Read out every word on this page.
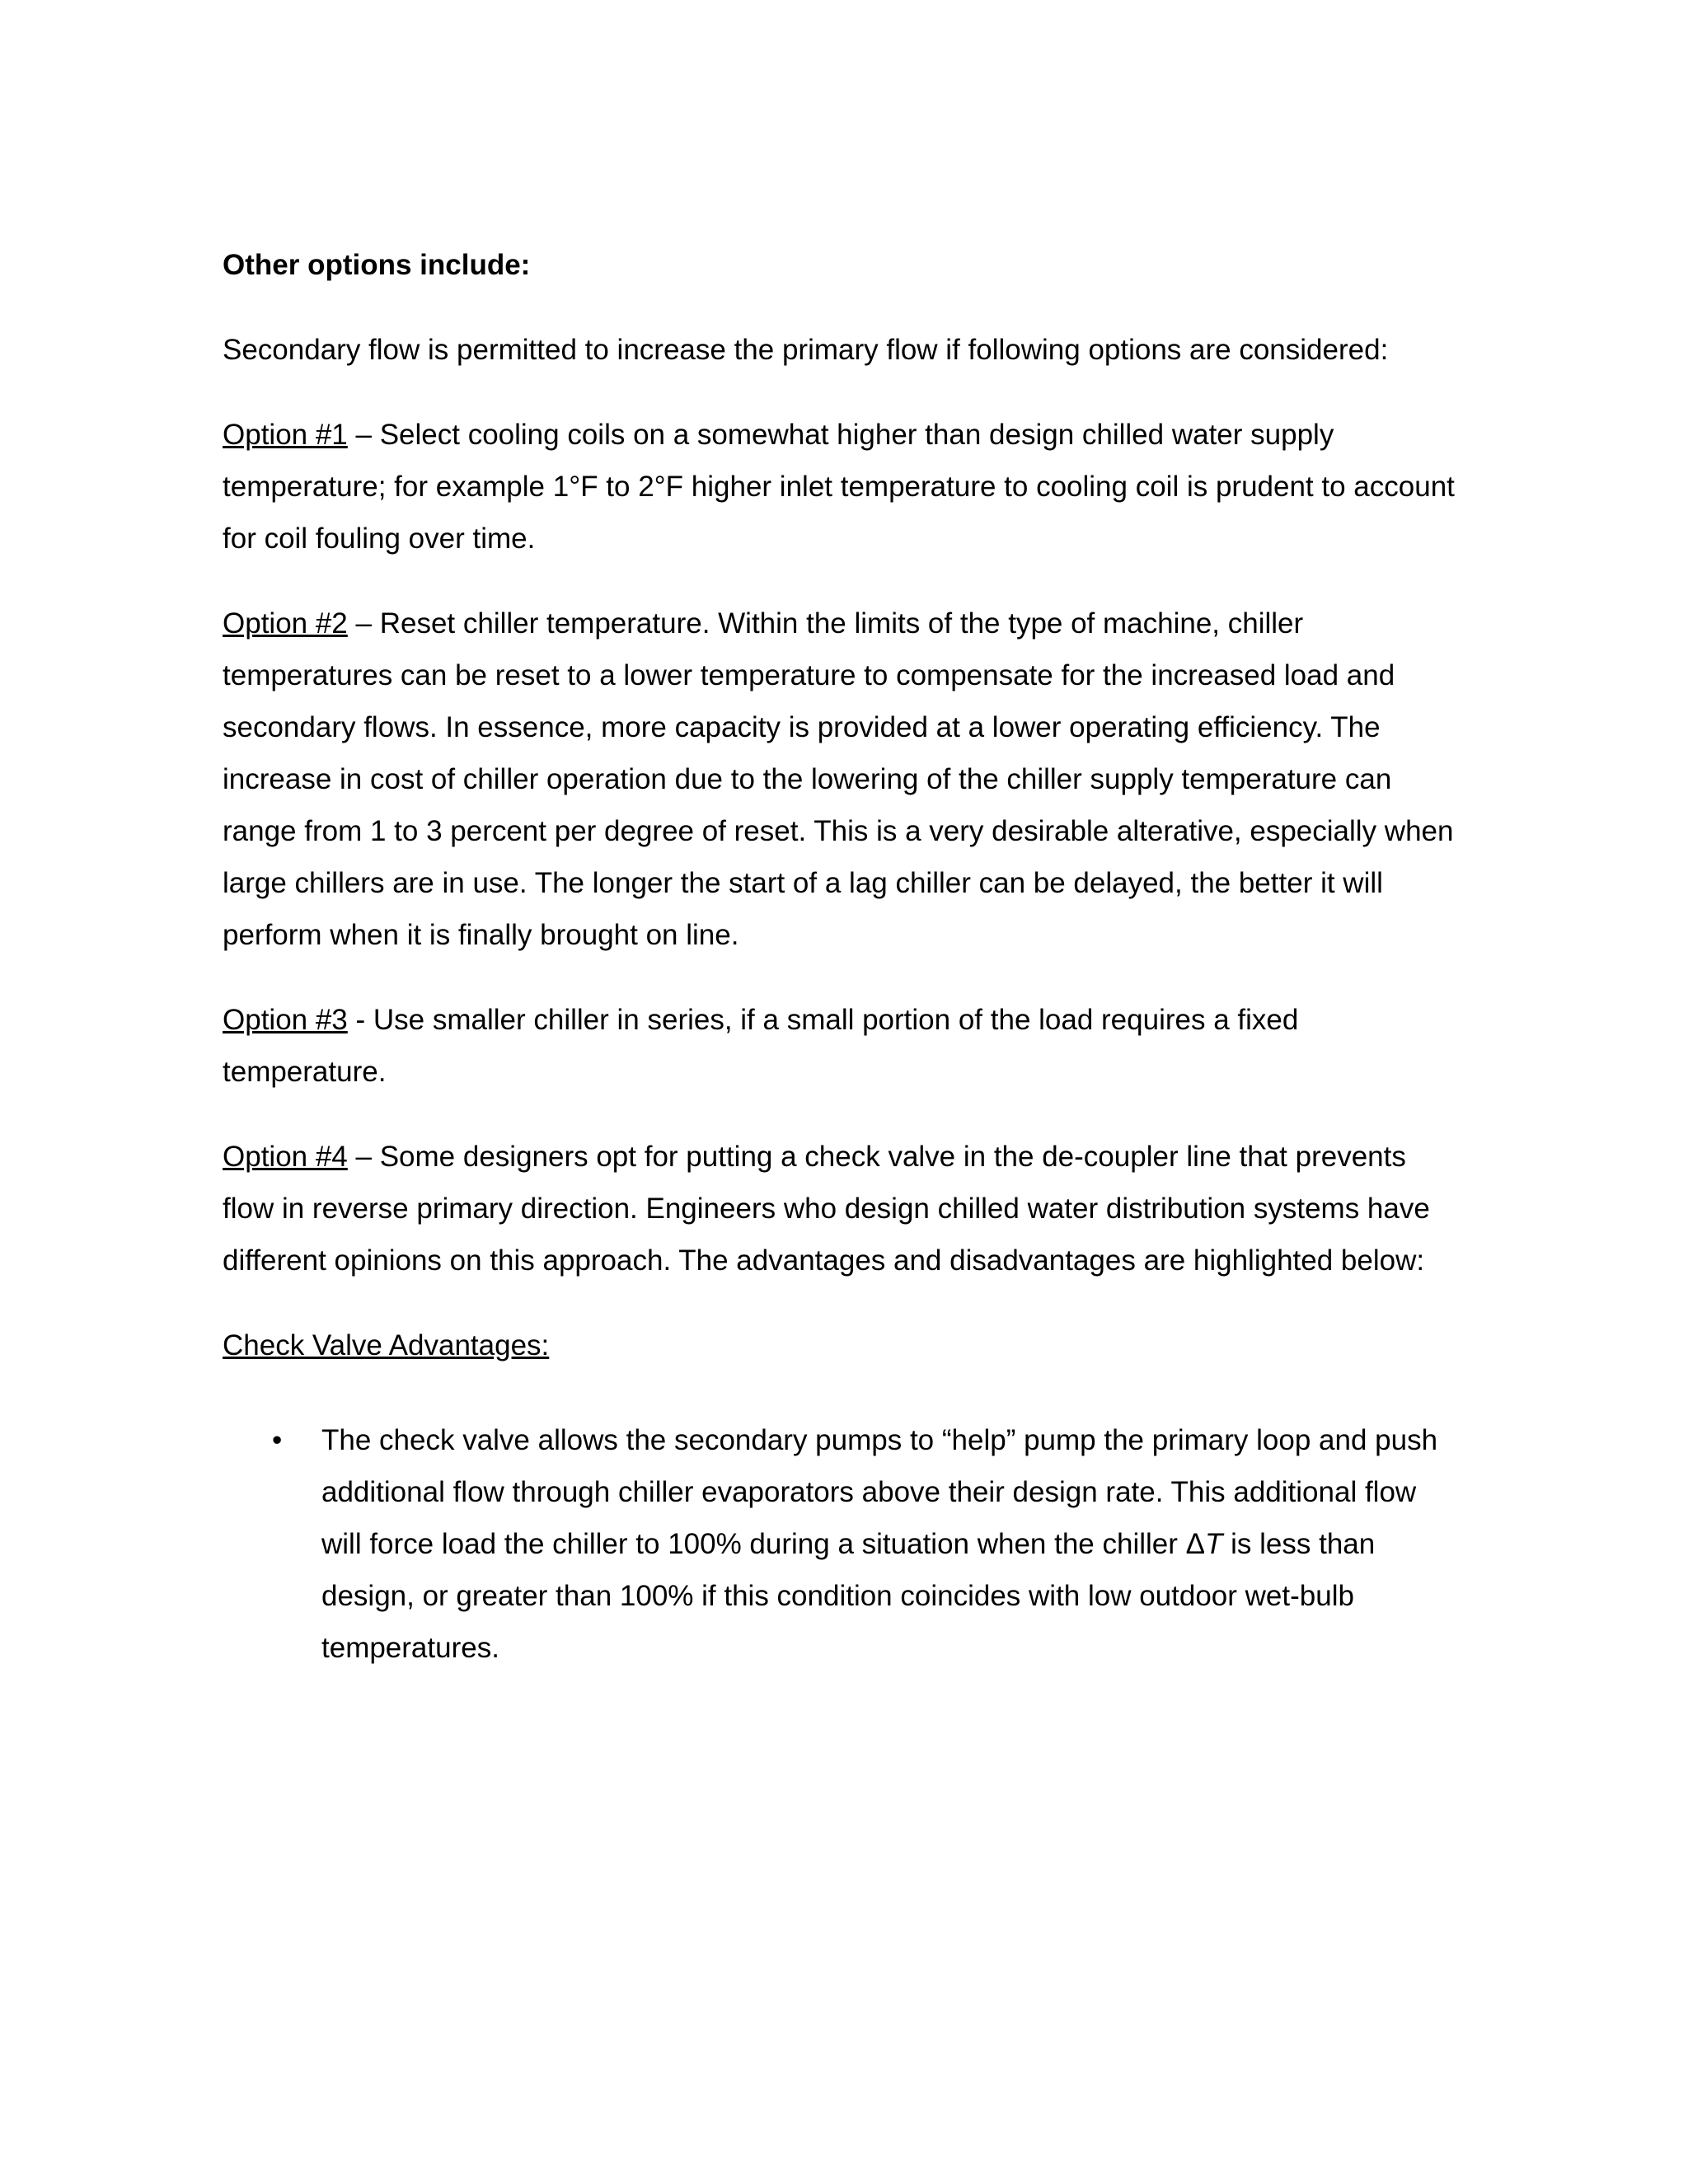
Other options include:

Secondary flow is permitted to increase the primary flow if following options are considered:

Option #1 – Select cooling coils on a somewhat higher than design chilled water supply temperature; for example 1°F to 2°F higher inlet temperature to cooling coil is prudent to account for coil fouling over time.

Option #2 – Reset chiller temperature. Within the limits of the type of machine, chiller temperatures can be reset to a lower temperature to compensate for the increased load and secondary flows. In essence, more capacity is provided at a lower operating efficiency. The increase in cost of chiller operation due to the lowering of the chiller supply temperature can range from 1 to 3 percent per degree of reset. This is a very desirable alterative, especially when large chillers are in use. The longer the start of a lag chiller can be delayed, the better it will perform when it is finally brought on line.

Option #3 - Use smaller chiller in series, if a small portion of the load requires a fixed temperature.

Option #4 – Some designers opt for putting a check valve in the de-coupler line that prevents flow in reverse primary direction. Engineers who design chilled water distribution systems have different opinions on this approach. The advantages and disadvantages are highlighted below:

Check Valve Advantages:

• The check valve allows the secondary pumps to “help” pump the primary loop and push additional flow through chiller evaporators above their design rate. This additional flow will force load the chiller to 100% during a situation when the chiller ΔT is less than design, or greater than 100% if this condition coincides with low outdoor wet-bulb temperatures.
